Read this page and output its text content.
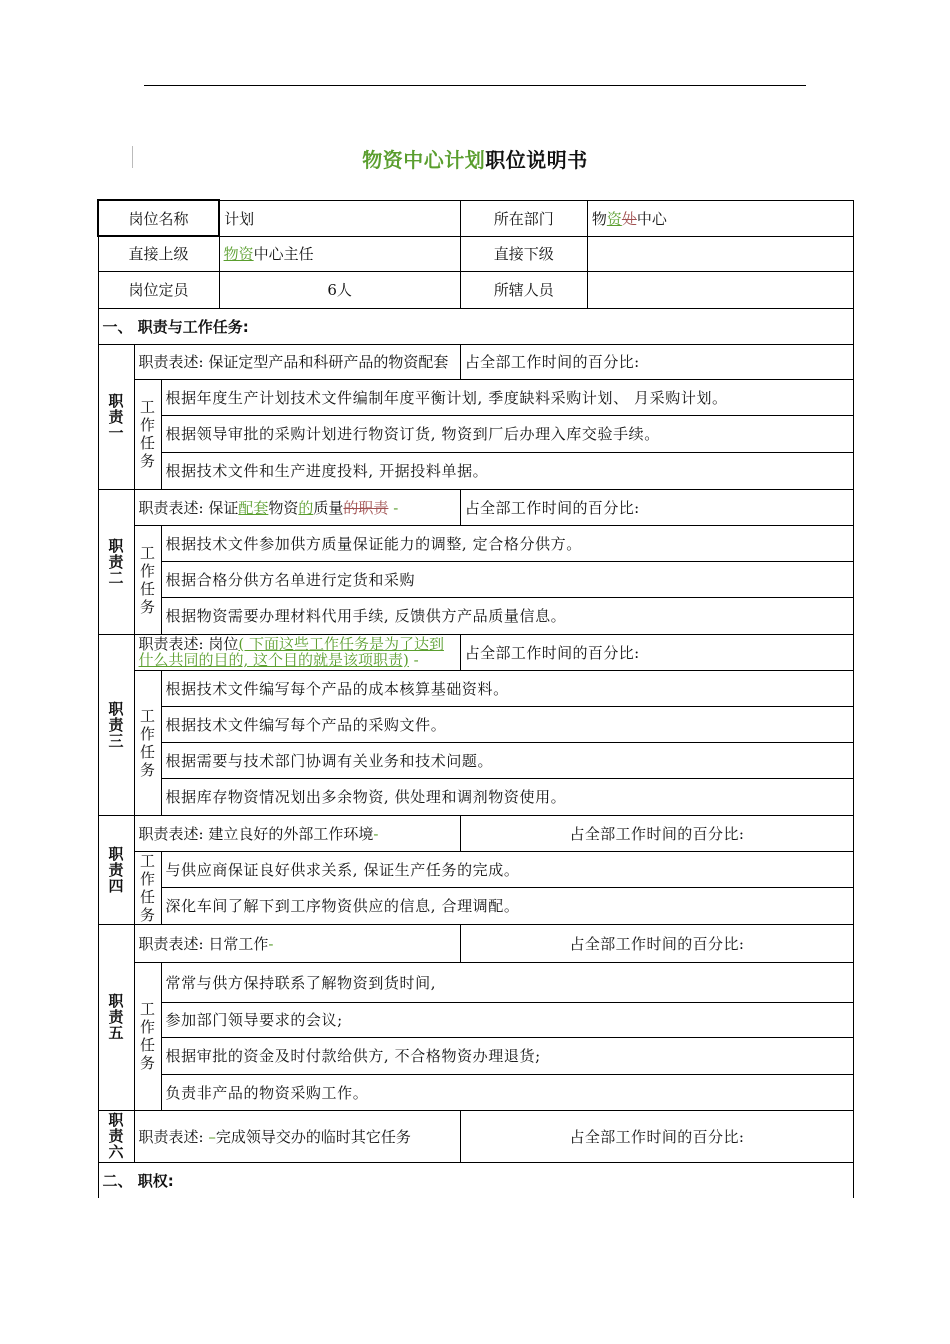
物资中心计划职位说明书
岗位名称			计划	所在部门	物资处中心
直接上级			物资中心主任	直接下级	
岗位定员			6人	所辖人员	
一、 职责与工作任务:					
职
责
一	职责表述: 保证定型产品和科研产品的物资配套			占全部工作时间的百分比:	
	工
作
任
务	根据年度生产计划技术文件编制年度平衡计划, 季度缺料采购计划、 月采购计划。			
		根据领导审批的采购计划进行物资订货, 物资到厂后办理入库交验手续。			
		根据技术文件和生产进度投料, 开据投料单据。			
职
责
二	职责表述: 保证配套物资的质量的职责 -			占全部工作时间的百分比:	
	工
作
任
务	根据技术文件参加供方质量保证能力的调整, 定合格分供方。			
		根据合格分供方名单进行定货和采购			
		根据物资需要办理材料代用手续, 反馈供方产品质量信息。			
职
责
三	职责表述: 岗位( 下面这些工作任务是为了达到什么共同的目的, 这个目的就是该项职责) -			占全部工作时间的百分比:	
	工
作
任
务	根据技术文件编写每个产品的成本核算基础资料。			
		根据技术文件编写每个产品的采购文件。			
		根据需要与技术部门协调有关业务和技术问题。			
		根据库存物资情况划出多余物资, 供处理和调剂物资使用。			
职
责
四	职责表述: 建立良好的外部工作环境-			占全部工作时间的百分比:	
	工
作
任
务	与供应商保证良好供求关系, 保证生产任务的完成。			
		深化车间了解下到工序物资供应的信息, 合理调配。			
职
责
五	职责表述: 日常工作-			占全部工作时间的百分比:	
	工
作
任
务	常常与供方保持联系了解物资到货时间,			
		参加部门领导要求的会议;			
		根据审批的资金及时付款给供方, 不合格物资办理退货;			
		负责非产品的物资采购工作。			
职
责
六	职责表述: –完成领导交办的临时其它任务			占全部工作时间的百分比:	
二、 职权:					
